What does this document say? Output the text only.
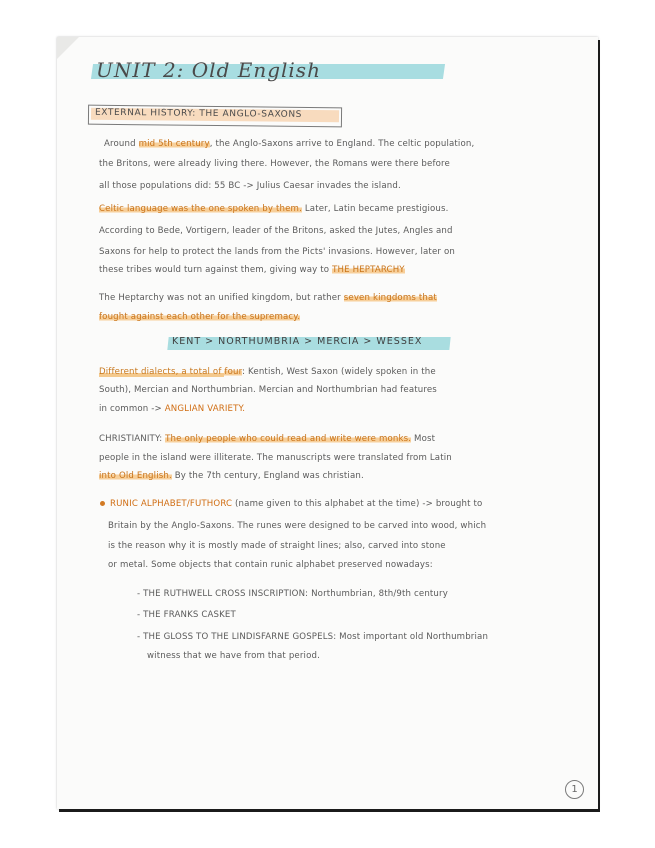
UNIT 2: Old English
EXTERNAL HISTORY: THE ANGLO-SAXONS
Around mid 5th century, the Anglo-Saxons arrive to England. The celtic population,
the Britons, were already living there. However, the Romans were there before
all those populations did: 55 BC -> Julius Caesar invades the island.
Celtic language was the one spoken by them. Later, Latin became prestigious.
According to Bede, Vortigern, leader of the Britons, asked the Jutes, Angles and
Saxons for help to protect the lands from the Picts' invasions. However, later on
these tribes would turn against them, giving way to THE HEPTARCHY
The Heptarchy was not an unified kingdom, but rather seven kingdoms that
fought against each other for the supremacy.
KENT > NORTHUMBRIA > MERCIA > WESSEX
Different dialects, a total of four: Kentish, West Saxon (widely spoken in the
South), Mercian and Northumbrian. Mercian and Northumbrian had features
in common -> ANGLIAN VARIETY.
CHRISTIANITY: The only people who could read and write were monks. Most
people in the island were illiterate. The manuscripts were translated from Latin
into Old English. By the 7th century, England was christian.
RUNIC ALPHABET/FUTHORC (name given to this alphabet at the time) -> brought to
Britain by the Anglo-Saxons. The runes were designed to be carved into wood, which
is the reason why it is mostly made of straight lines; also, carved into stone
or metal. Some objects that contain runic alphabet preserved nowadays:
- THE RUTHWELL CROSS INSCRIPTION: Northumbrian, 8th/9th century
- THE FRANKS CASKET
- THE GLOSS TO THE LINDISFARNE GOSPELS: Most important old Northumbrian
witness that we have from that period.
1
